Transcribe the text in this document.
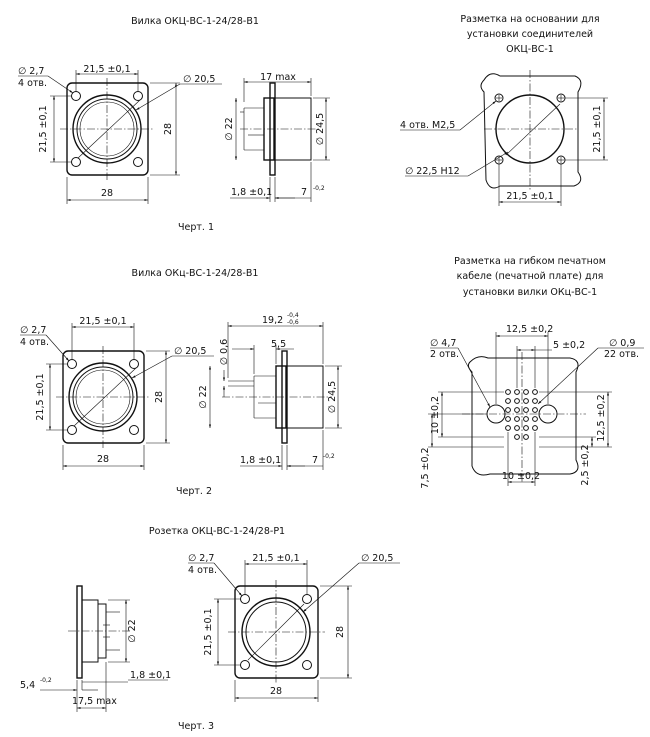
Вилка ОКЦ-ВС-1-24/28-В1
21,5 ±0,1
∅ 2,7
4 отв.	∅ 20,5
21,5 ±0,1	28
28
17 max
∅ 22	∅ 24,5
1,8 ±0,1	7 -0,2
Черт. 1
Разметка на основании для
установки соединителей
ОКЦ-ВС-1
4 отв. М2,5
∅ 22,5 Н12
21,5 ±0,1
21,5 ±0,1
Вилка ОКц-ВС-1-24/28-В1
21,5 ±0,1
∅ 2,7
4 отв.
∅ 20,5
21,5 ±0,1	28
28
19,2 -0,4
-0,6
5,5
∅ 0,6
∅ 22	∅ 24,5
1,8 ±0,1	7 -0,2
Черт. 2
Разметка на гибком печатном
кабеле (печатной плате) для
установки вилки ОКц-ВС-1
12,5 ±0,2
5 ±0,2
∅ 4,7
2 отв.
∅ 0,9
22 отв.
10 ±0,2
7,5 ±0,2
12,5 ±0,2
2,5 ±0,2
10 ±0,2
Розетка ОКЦ-ВС-1-24/28-Р1
∅ 22
5,4 -0,2	1,8 ±0,1
17,5 max
21,5 ±0,1
∅ 2,7
4 отв.
∅ 20,5
21,5 ±0,1	28
28
Черт. 3
